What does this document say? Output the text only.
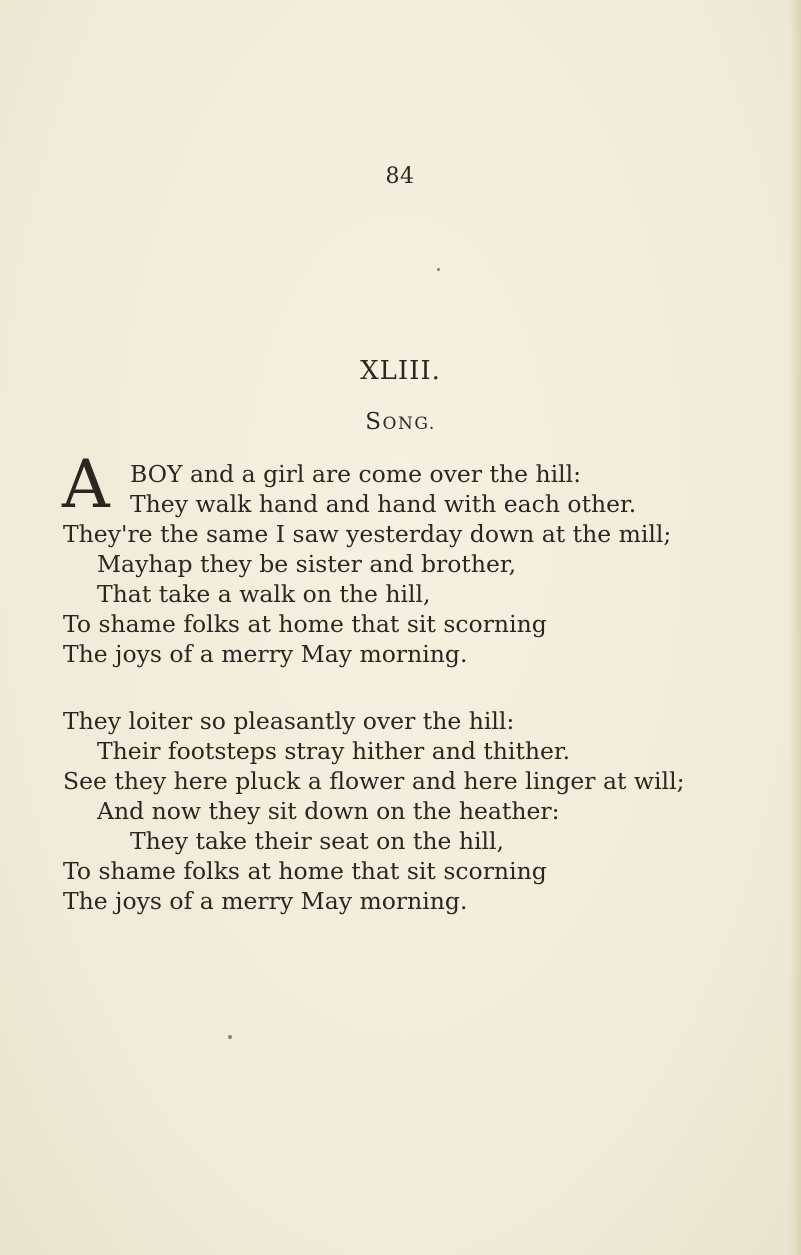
84
XLIII.
SONG.
A BOY and a girl are come over the hill:
They walk hand and hand with each other.
They're the same I saw yesterday down at the mill;
Mayhap they be sister and brother,
That take a walk on the hill,
To shame folks at home that sit scorning
The joys of a merry May morning.
They loiter so pleasantly over the hill:
Their footsteps stray hither and thither.
See they here pluck a flower and here linger at will;
And now they sit down on the heather:
They take their seat on the hill,
To shame folks at home that sit scorning
The joys of a merry May morning.
